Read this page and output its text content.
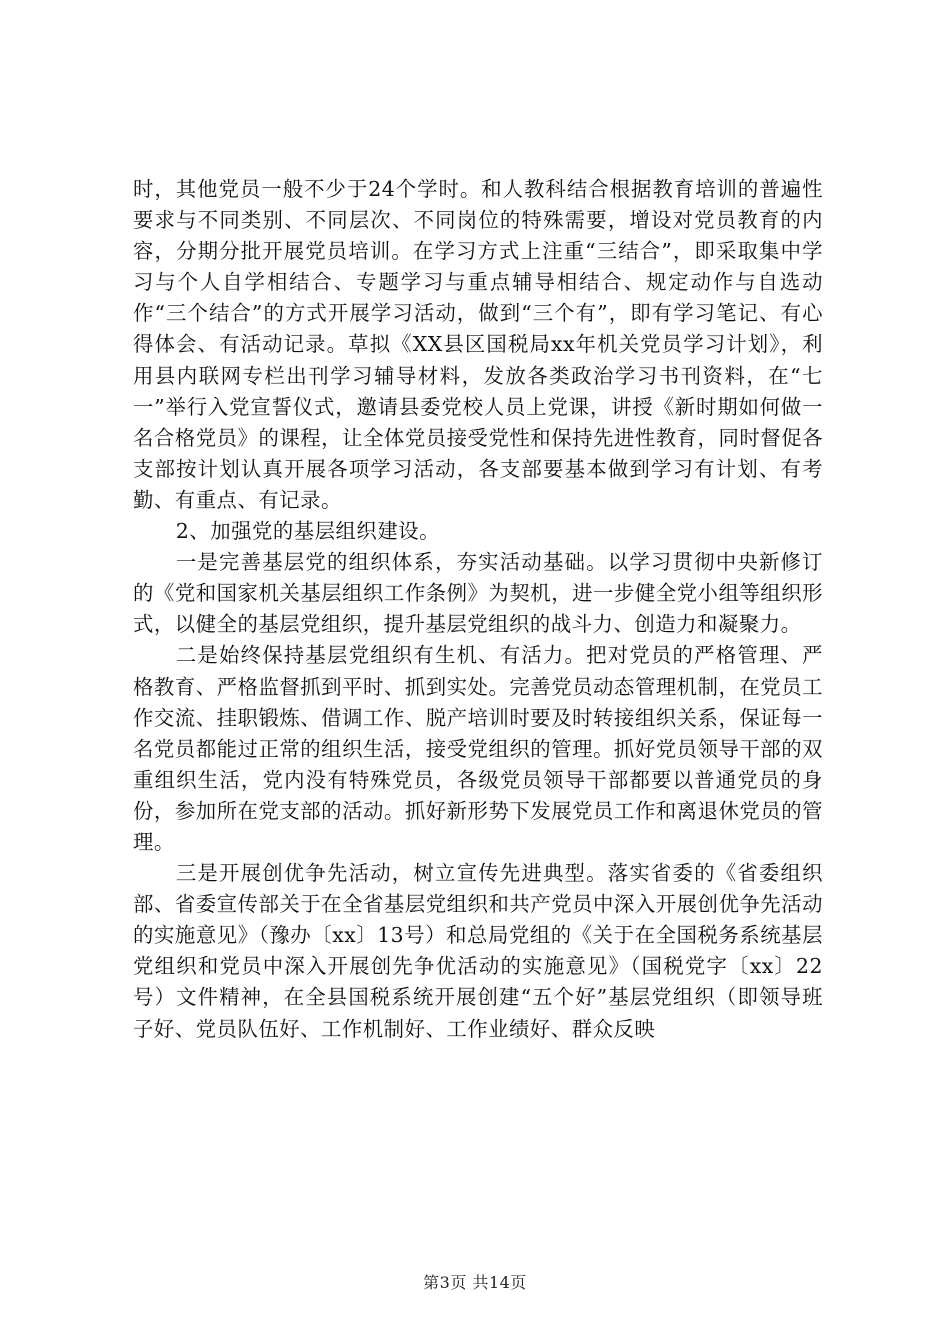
时，其他党员一般不少于24个学时。和人教科结合根据教育培训的普遍性要求与不同类别、不同层次、不同岗位的特殊需要，增设对党员教育的内容，分期分批开展党员培训。在学习方式上注重“三结合”，即采取集中学习与个人自学相结合、专题学习与重点辅导相结合、规定动作与自选动作“三个结合”的方式开展学习活动，做到“三个有”，即有学习笔记、有心得体会、有活动记录。草拟《XX县区国税局xx年机关党员学习计划》，利用县内联网专栏出刊学习辅导材料，发放各类政治学习书刊资料，在“七一”举行入党宣誓仪式，邀请县委党校人员上党课，讲授《新时期如何做一名合格党员》的课程，让全体党员接受党性和保持先进性教育，同时督促各支部按计划认真开展各项学习活动，各支部要基本做到学习有计划、有考勤、有重点、有记录。

2、加强党的基层组织建设。

一是完善基层党的组织体系，夯实活动基础。以学习贯彻中央新修订的《党和国家机关基层组织工作条例》为契机，进一步健全党小组等组织形式，以健全的基层党组织，提升基层党组织的战斗力、创造力和凝聚力。

二是始终保持基层党组织有生机、有活力。把对党员的严格管理、严格教育、严格监督抓到平时、抓到实处。完善党员动态管理机制，在党员工作交流、挂职锻炼、借调工作、脱产培训时要及时转接组织关系，保证每一名党员都能过正常的组织生活，接受党组织的管理。抓好党员领导干部的双重组织生活，党内没有特殊党员，各级党员领导干部都要以普通党员的身份，参加所在党支部的活动。抓好新形势下发展党员工作和离退休党员的管理。

三是开展创优争先活动，树立宣传先进典型。落实省委的《省委组织部、省委宣传部关于在全省基层党组织和共产党员中深入开展创优争先活动的实施意见》（豫办〔xx〕13号）和总局党组的《关于在全国税务系统基层党组织和党员中深入开展创先争优活动的实施意见》（国税党字〔xx〕22号）文件精神，在全县国税系统开展创建“五个好”基层党组织（即领导班子好、党员队伍好、工作机制好、工作业绩好、群众反映

第3页 共14页
